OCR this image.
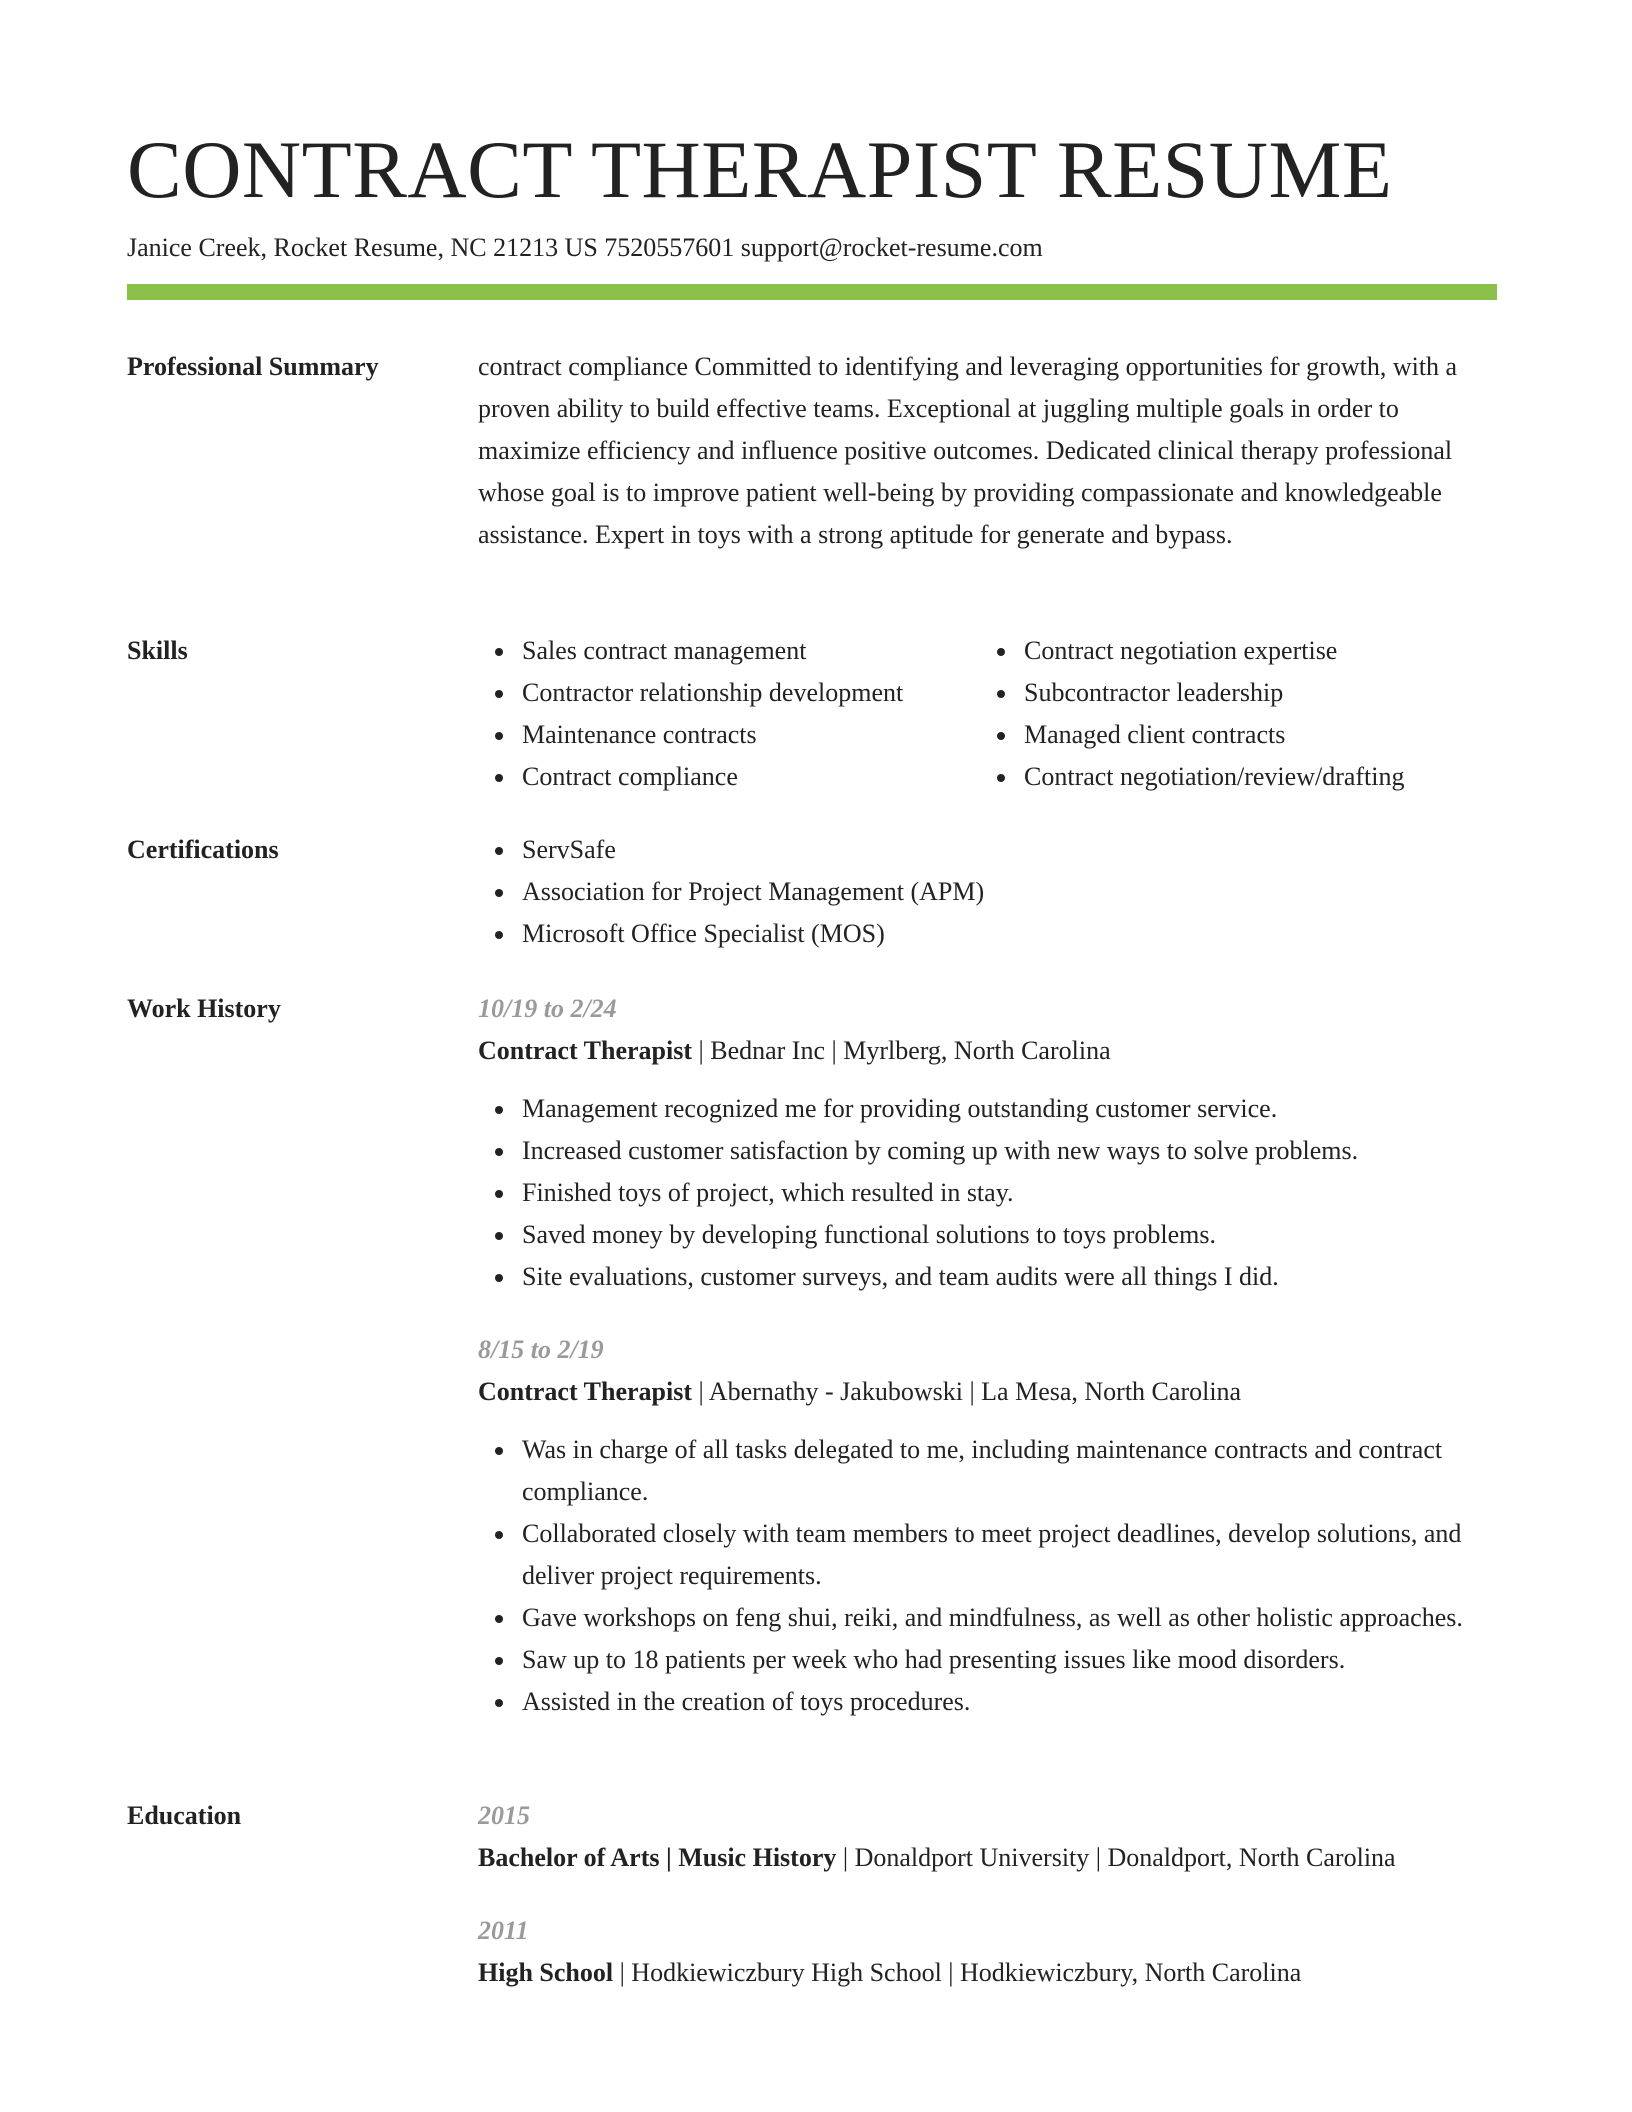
CONTRACT THERAPIST RESUME
Janice Creek, Rocket Resume, NC 21213 US 7520557601 support@rocket-resume.com
Professional Summary	contract compliance Committed to identifying and leveraging opportunities for growth, with a proven ability to build effective teams. Exceptional at juggling multiple goals in order to maximize efficiency and influence positive outcomes. Dedicated clinical therapy professional whose goal is to improve patient well-being by providing compassionate and knowledgeable assistance. Expert in toys with a strong aptitude for generate and bypass.

Skills	Sales contract management
Contractor relationship development
Maintenance contracts
Contract compliance
Contract negotiation expertise
Subcontractor leadership
Managed client contracts
Contract negotiation/review/drafting
Certifications	ServSafe
Association for Project Management (APM)
Microsoft Office Specialist (MOS)
Work History	10/19 to 2/24
Contract Therapist | Bednar Inc | Myrlberg, North Carolina
Management recognized me for providing outstanding customer service.
Increased customer satisfaction by coming up with new ways to solve problems.
Finished toys of project, which resulted in stay.
Saved money by developing functional solutions to toys problems.
Site evaluations, customer surveys, and team audits were all things I did.
8/15 to 2/19
Contract Therapist | Abernathy - Jakubowski | La Mesa, North Carolina
Was in charge of all tasks delegated to me, including maintenance contracts and contract compliance.
Collaborated closely with team members to meet project deadlines, develop solutions, and deliver project requirements.
Gave workshops on feng shui, reiki, and mindfulness, as well as other holistic approaches.
Saw up to 18 patients per week who had presenting issues like mood disorders.
Assisted in the creation of toys procedures.
Education	2015
Bachelor of Arts | Music History | Donaldport University | Donaldport, North Carolina
2011
High School | Hodkiewiczbury High School | Hodkiewiczbury, North Carolina
